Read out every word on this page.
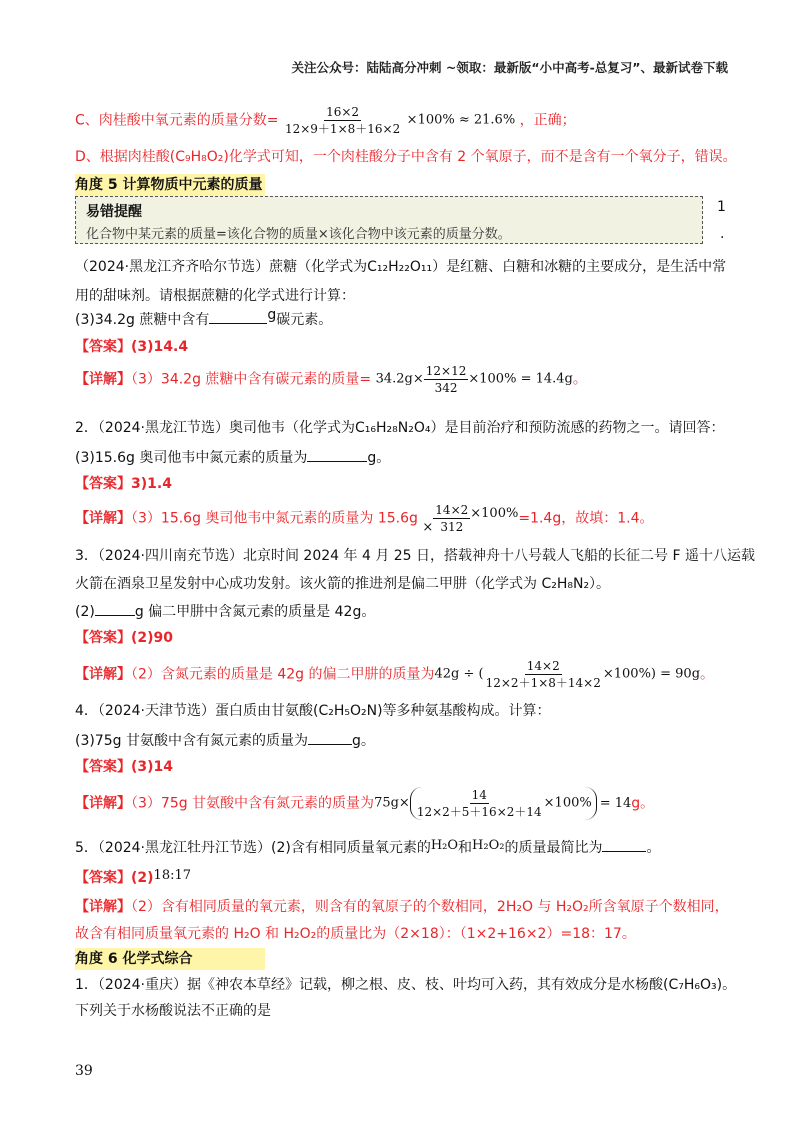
关注公众号：陆陆高分冲刺 ~领取：最新版“小中高考-总复习”、最新试卷下载
C、肉桂酸中氧元素的质量分数= $\frac{16\times 2}{12\times 9+1\times 8+16\times 2} \times 100\% \approx 21.6\%$ ，正确；
D、根据肉桂酸(C₉H₈O₂)化学式可知，一个肉桂酸分子中含有 2 个氧原子，而不是含有一个氧分子，错误。
角度 5 计算物质中元素的质量
易错提醒
化合物中某元素的质量=该化合物的质量×该化合物中该元素的质量分数。
1
.
（2024·黑龙江齐齐哈尔节选）蔗糖（化学式为C₁₂H₂₂O₁₁）是红糖、白糖和冰糖的主要成分，是生活中常
用的甜味剂。请根据蔗糖的化学式进行计算：
(3)34.2g 蔗糖中含有	g碳元素。
【答案】(3)14.4
【详解】（3）34.2g 蔗糖中含有碳元素的质量= $34.2g\times \frac{12\times 12}{342} \times 100\% = 14.4g$。
2．（2024·黑龙江节选）奥司他韦（化学式为C₁₆H₂₈N₂O₄）是目前治疗和预防流感的药物之一。请回答：
(3)15.6g 奥司他韦中氮元素的质量为	g。
【答案】3)1.4
【详解】（3）15.6g 奥司他韦中氮元素的质量为 $15.6g \times \frac{14\times 2}{312} \times 100\%=1.4g$，故填：1.4。
3．（2024·四川南充节选）北京时间 2024 年 4 月 25 日，搭载神舟十八号载人飞船的长征二号 F 遥十八运载
火箭在酒泉卫星发射中心成功发射。该火箭的推进剂是偏二甲肼（化学式为 C₂H₈N₂）。
(2)	g 偏二甲肼中含氮元素的质量是 42g。
【答案】(2)90
【详解】（2）含氮元素的质量是 42g 的偏二甲肼的质量为42g ÷ ( $\frac{14\times 2}{12\times 2+1\times 8+14\times 2} \times 100\%) = 90g$。
4．（2024·天津节选）蛋白质由甘氨酸(C₂H₅O₂N)等多种氨基酸构成。计算：
(3)75g 甘氨酸中含有氮元素的质量为	g。
【答案】(3)14
【详解】（3）75g 甘氨酸中含有氮元素的质量为$75g\times \frac{14}{12\times 2+5+16\times 2+14} \times 100\% = 14g$。
5．（2024·黑龙江牡丹江节选）(2)含有相同质量氧元素的H₂O和H₂O₂的质量最简比为	。
【答案】(2)18:17
【详解】（2）含有相同质量的氧元素，则含有的氧原子的个数相同，2H₂O 与 H₂O₂所含氧原子个数相同，
故含有相同质量氧元素的 H₂O 和 H₂O₂的质量比为（2×18）：（1×2+16×2）=18：17。
角度 6 化学式综合
1．（2024·重庆）据《神农本草经》记载，柳之根、皮、枝、叶均可入药，其有效成分是水杨酸(C₇H₆O₃)。
下列关于水杨酸说法不正确的是
39
